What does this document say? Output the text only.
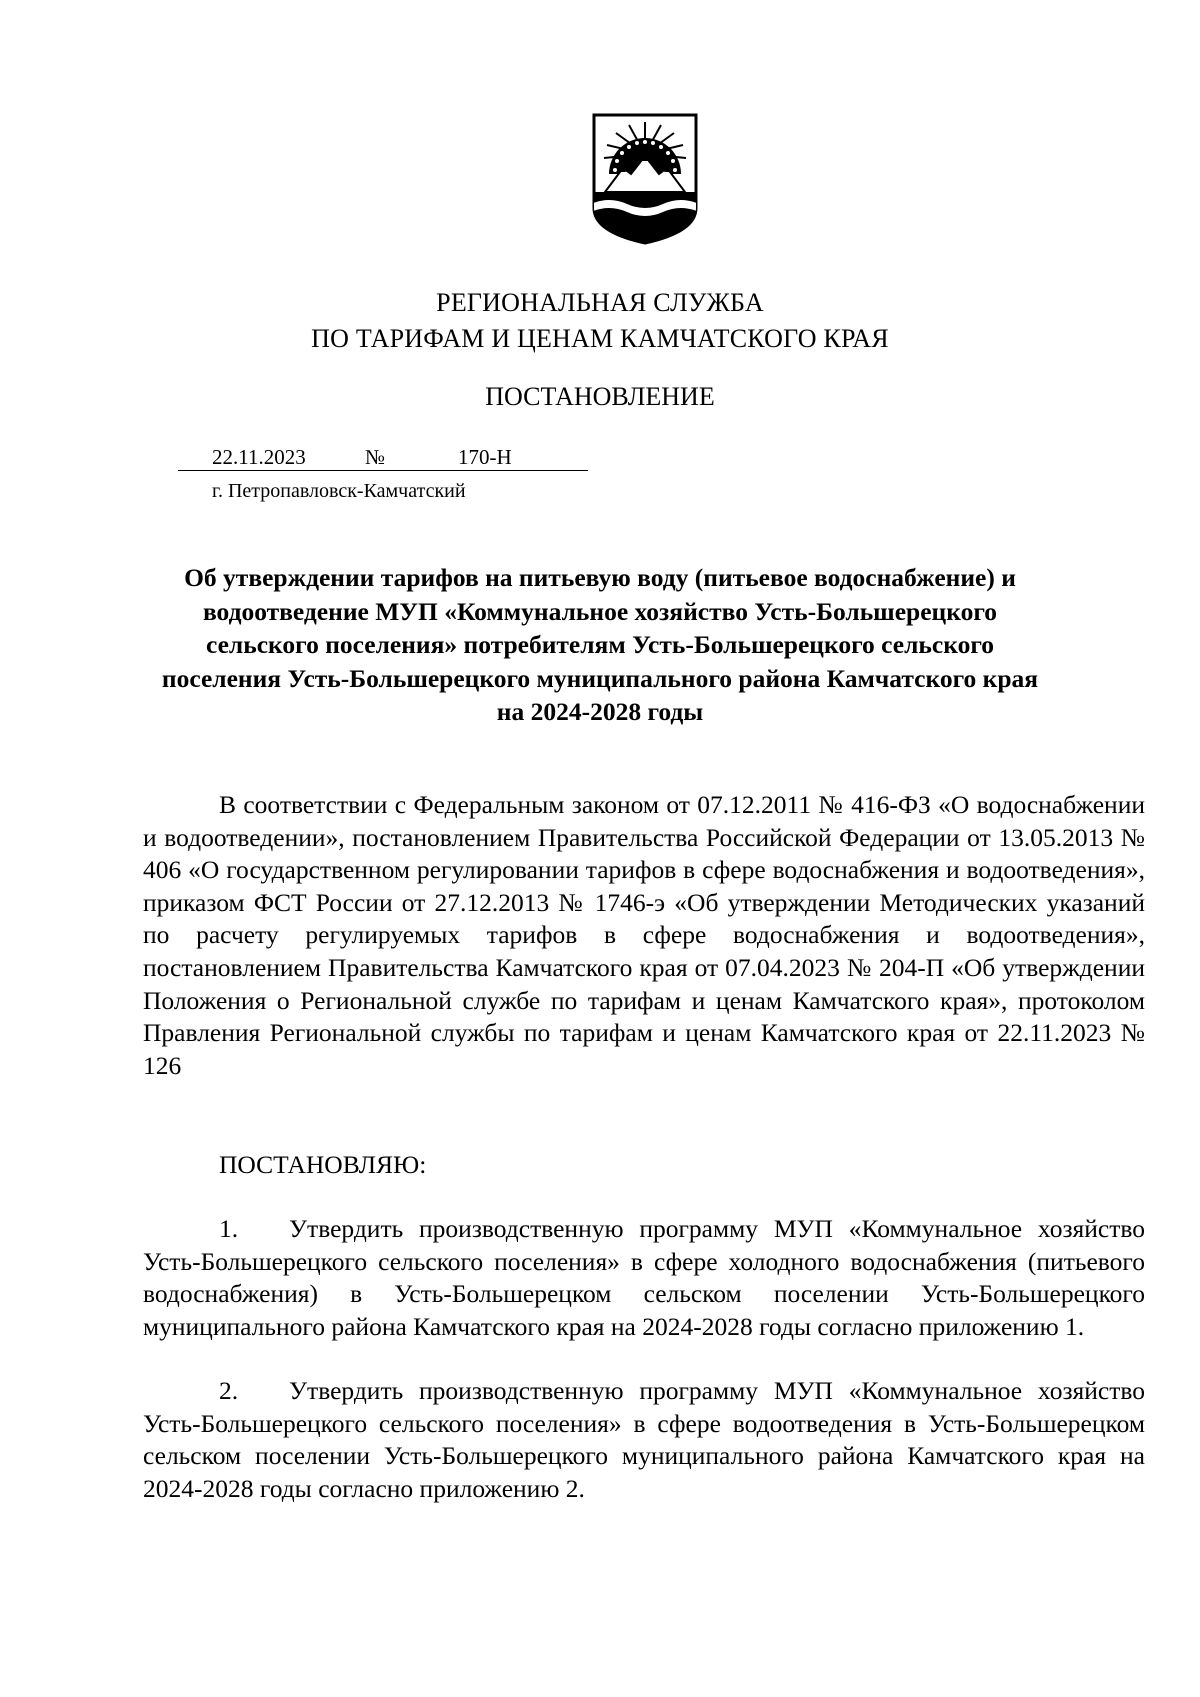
РЕГИОНАЛЬНАЯ СЛУЖБА
ПО ТАРИФАМ И ЦЕНАМ КАМЧАТСКОГО КРАЯ
ПОСТАНОВЛЕНИЕ
22.11.2023	№	170-Н
г. Петропавловск-Камчатский
Об утверждении тарифов на питьевую воду (питьевое водоснабжение) и
водоотведение МУП «Коммунальное хозяйство Усть-Большерецкого
сельского поселения» потребителям Усть-Большерецкого сельского
поселения Усть-Большерецкого муниципального района Камчатского края
на 2024-2028 годы
В соответствии с Федеральным законом от 07.12.2011 № 416-ФЗ «О водоснабжении и водоотведении», постановлением Правительства Российской Федерации от 13.05.2013 № 406 «О государственном регулировании тарифов в сфере водоснабжения и водоотведения», приказом ФСТ России от 27.12.2013 № 1746-э «Об утверждении Методических указаний по расчету регулируемых тарифов в сфере водоснабжения и водоотведения», постановлением Правительства Камчатского края от 07.04.2023 № 204-П «Об утверждении Положения о Региональной службе по тарифам и ценам Камчатского края», протоколом Правления Региональной службы по тарифам и ценам Камчатского края от 22.11.2023 № 126
ПОСТАНОВЛЯЮ:
1. Утвердить производственную программу МУП «Коммунальное хозяйство Усть-Большерецкого сельского поселения» в сфере холодного водоснабжения (питьевого водоснабжения) в Усть-Большерецком сельском поселении Усть-Большерецкого муниципального района Камчатского края на 2024-2028 годы согласно приложению 1.
2. Утвердить производственную программу МУП «Коммунальное хозяйство Усть-Большерецкого сельского поселения» в сфере водоотведения в Усть-Большерецком сельском поселении Усть-Большерецкого муниципального района Камчатского края на 2024-2028 годы согласно приложению 2.
